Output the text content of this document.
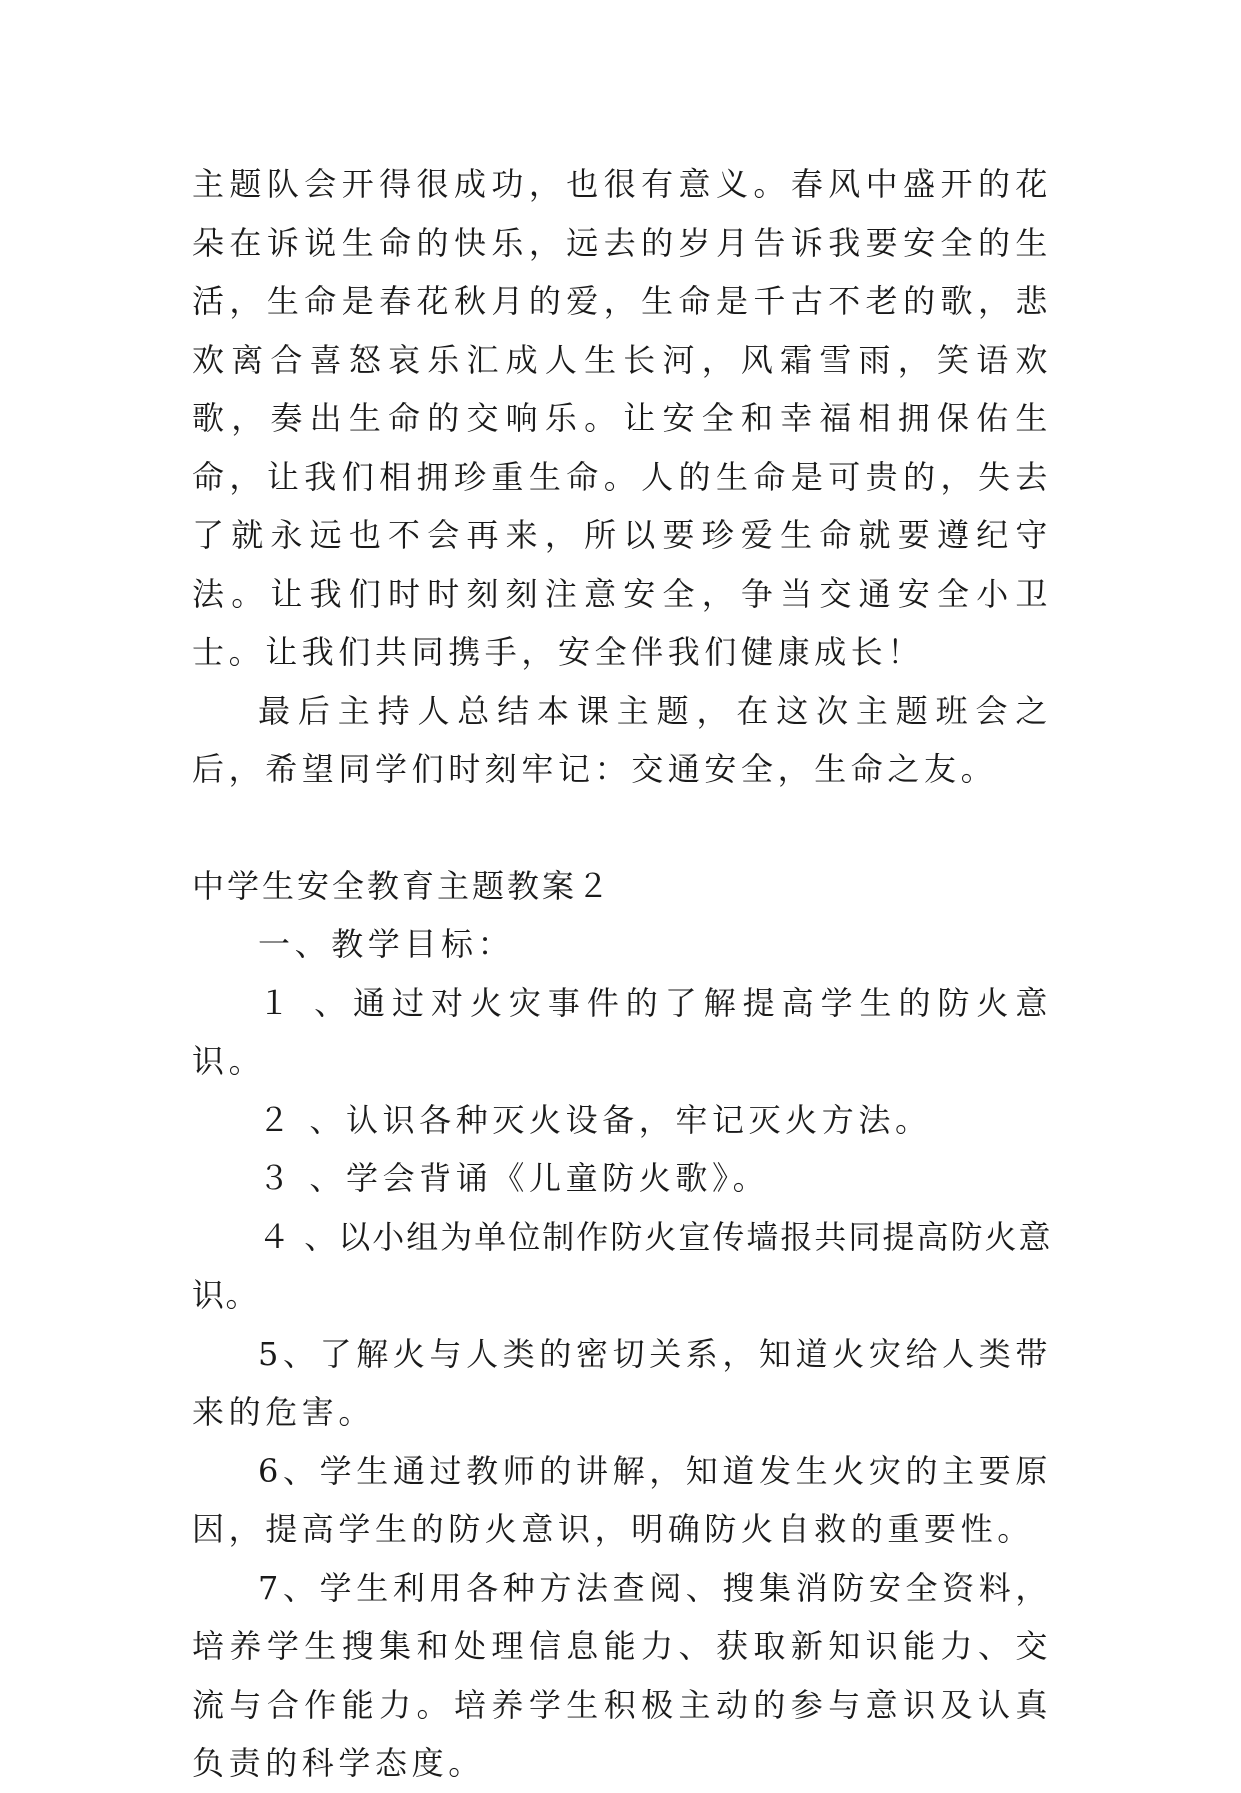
主题队会开得很成功，也很有意义。春风中盛开的花朵在诉说生命的快乐，远去的岁月告诉我要安全的生活，生命是春花秋月的爱，生命是千古不老的歌，悲欢离合喜怒哀乐汇成人生长河，风霜雪雨，笑语欢歌，奏出生命的交响乐。让安全和幸福相拥保佑生命，让我们相拥珍重生命。人的生命是可贵的，失去了就永远也不会再来，所以要珍爱生命就要遵纪守法。让我们时时刻刻注意安全，争当交通安全小卫士。让我们共同携手，安全伴我们健康成长！

最后主持人总结本课主题，在这次主题班会之后，希望同学们时刻牢记：交通安全，生命之友。

中学生安全教育主题教案２

一、教学目标：

１ 、通过对火灾事件的了解提高学生的防火意识。

２ 、认识各种灭火设备，牢记灭火方法。

３ 、学会背诵《儿童防火歌》。

４ 、以小组为单位制作防火宣传墙报共同提高防火意识。

5、了解火与人类的密切关系，知道火灾给人类带来的危害。

6、学生通过教师的讲解，知道发生火灾的主要原因，提高学生的防火意识，明确防火自救的重要性。

7、学生利用各种方法查阅、搜集消防安全资料，培养学生搜集和处理信息能力、获取新知识能力、交流与合作能力。培养学生积极主动的参与意识及认真负责的科学态度。
